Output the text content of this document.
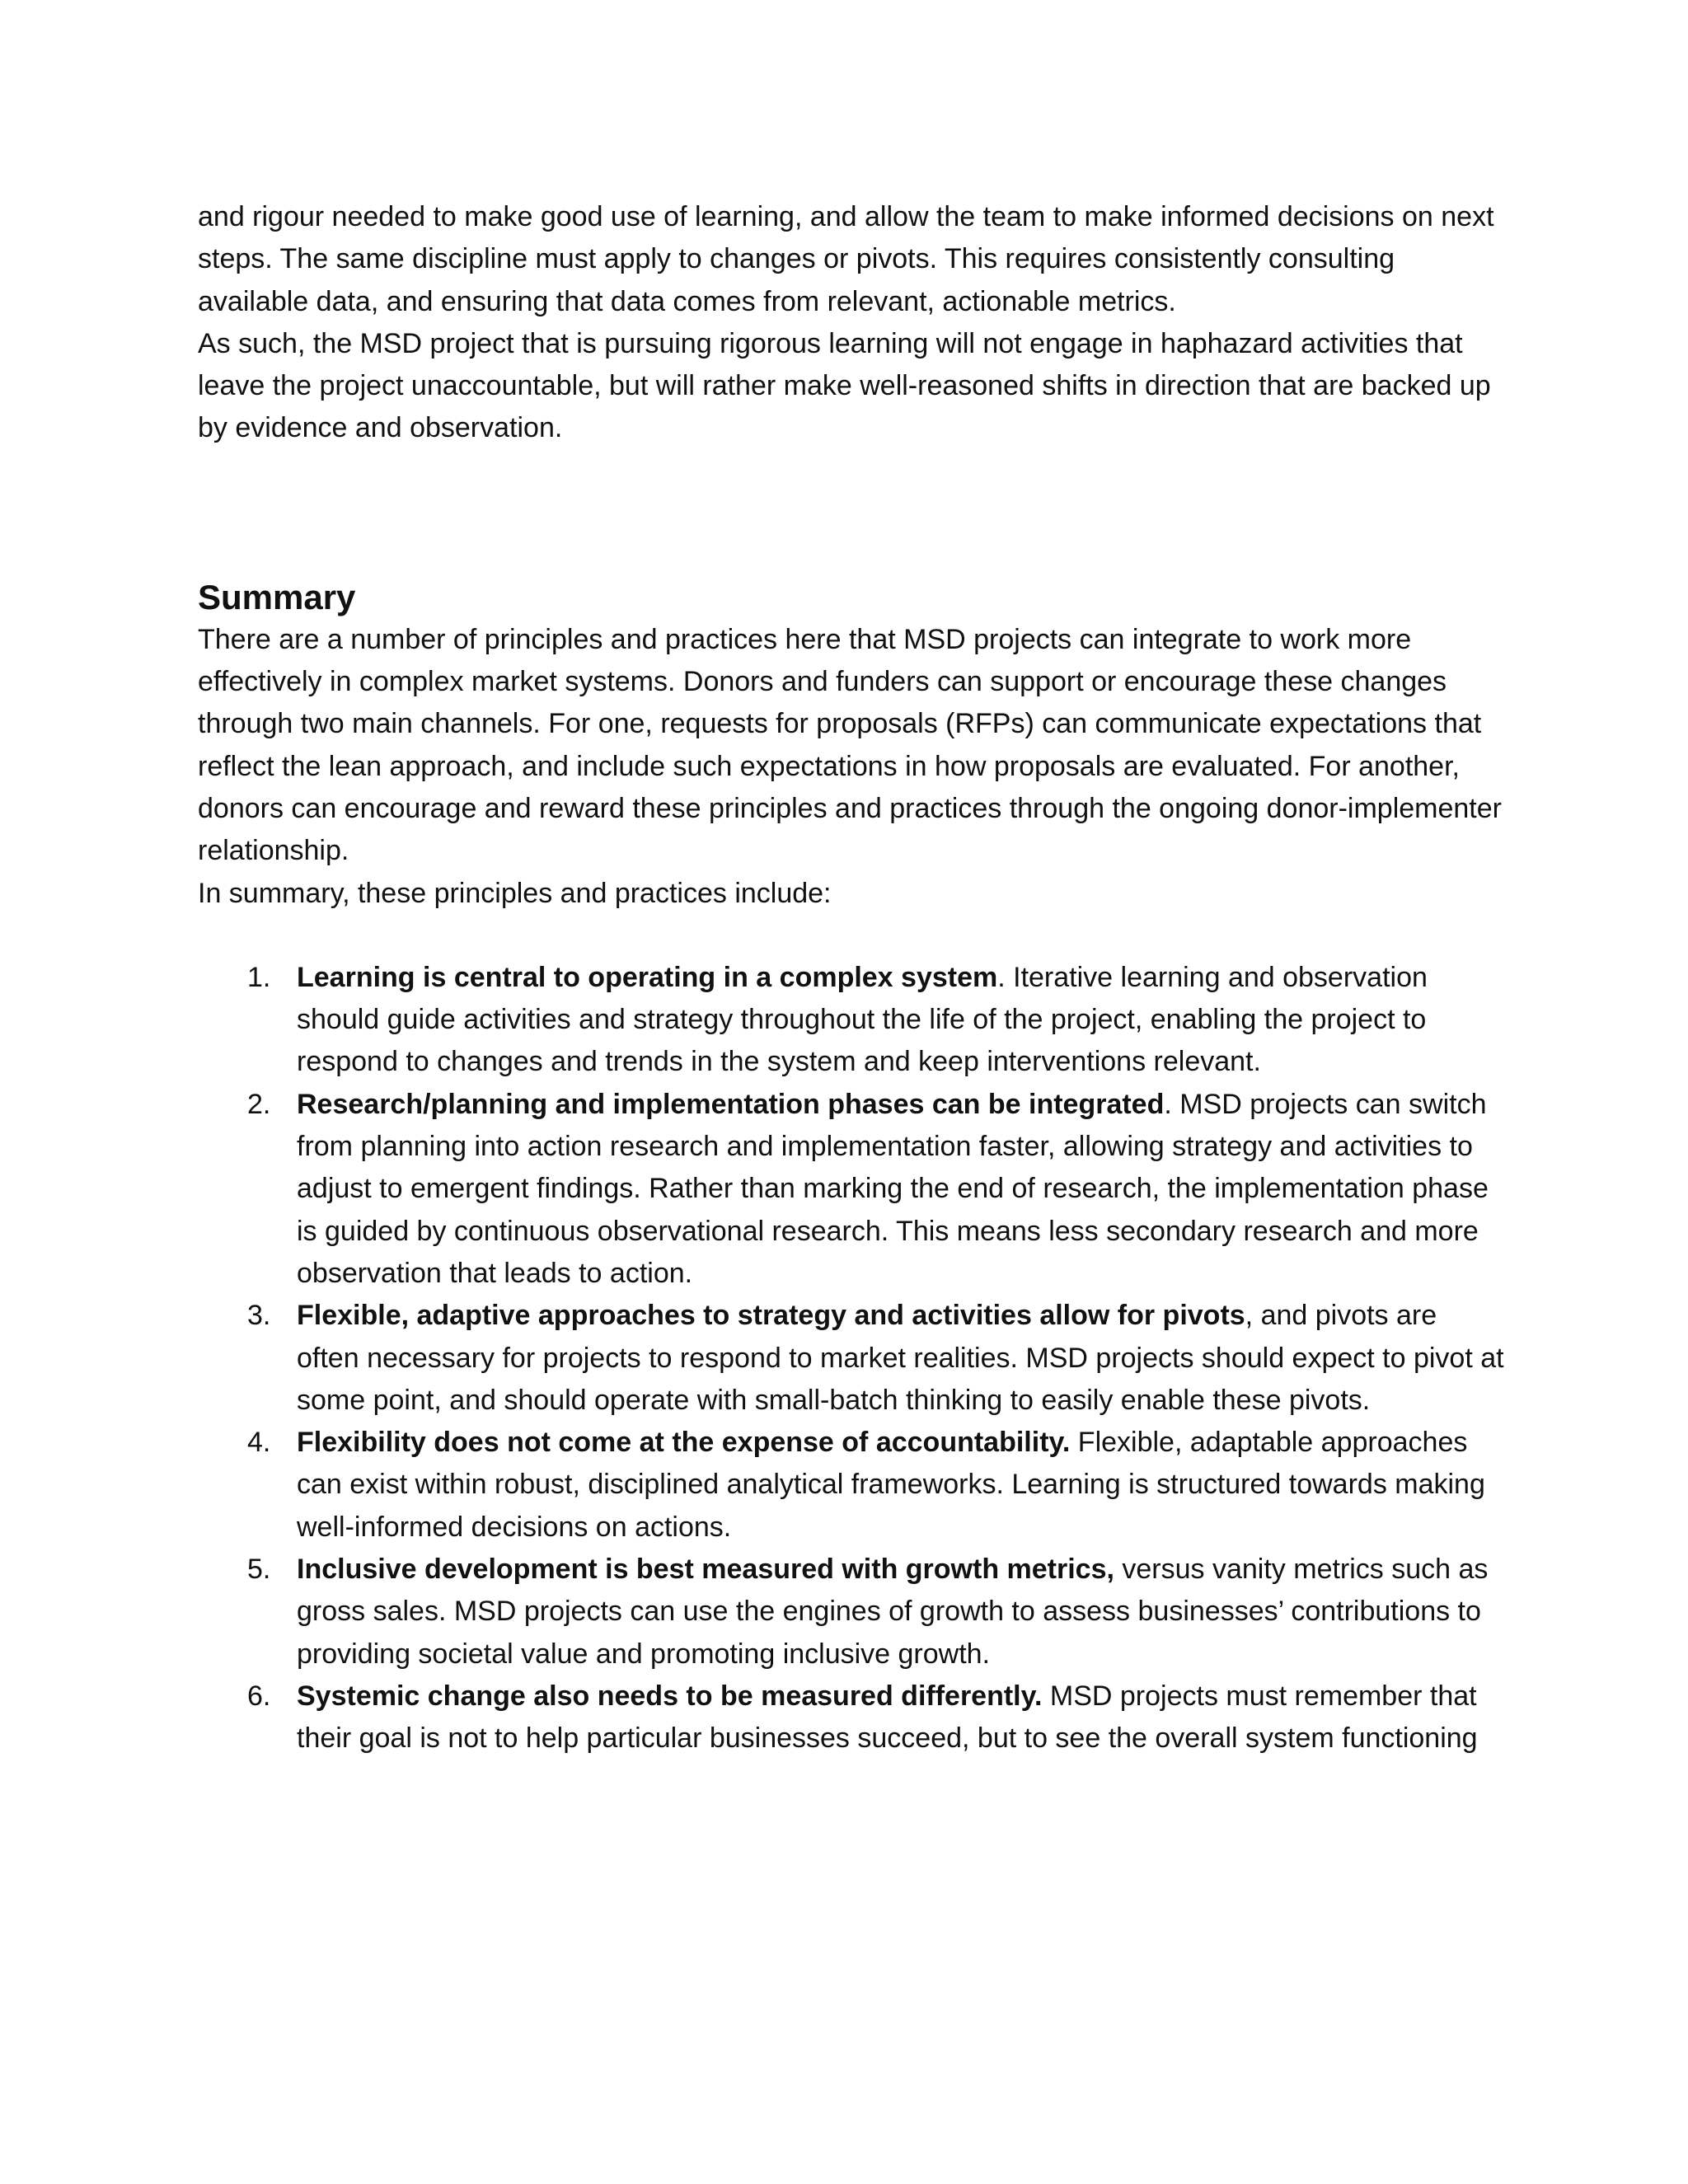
and rigour needed to make good use of learning, and allow the team to make informed decisions on next steps. The same discipline must apply to changes or pivots. This requires consistently consulting available data, and ensuring that data comes from relevant, actionable metrics.

As such, the MSD project that is pursuing rigorous learning will not engage in haphazard activities that leave the project unaccountable, but will rather make well-reasoned shifts in direction that are backed up by evidence and observation.

Summary

There are a number of principles and practices here that MSD projects can integrate to work more effectively in complex market systems. Donors and funders can support or encourage these changes through two main channels. For one, requests for proposals (RFPs) can communicate expectations that reflect the lean approach, and include such expectations in how proposals are evaluated. For another, donors can encourage and reward these principles and practices through the ongoing donor-implementer relationship.

In summary, these principles and practices include:

1. Learning is central to operating in a complex system. Iterative learning and observation should guide activities and strategy throughout the life of the project, enabling the project to respond to changes and trends in the system and keep interventions relevant.
2. Research/planning and implementation phases can be integrated. MSD projects can switch from planning into action research and implementation faster, allowing strategy and activities to adjust to emergent findings. Rather than marking the end of research, the implementation phase is guided by continuous observational research. This means less secondary research and more observation that leads to action.
3. Flexible, adaptive approaches to strategy and activities allow for pivots, and pivots are often necessary for projects to respond to market realities. MSD projects should expect to pivot at some point, and should operate with small-batch thinking to easily enable these pivots.
4. Flexibility does not come at the expense of accountability. Flexible, adaptable approaches can exist within robust, disciplined analytical frameworks. Learning is structured towards making well-informed decisions on actions.
5. Inclusive development is best measured with growth metrics, versus vanity metrics such as gross sales. MSD projects can use the engines of growth to assess businesses’ contributions to providing societal value and promoting inclusive growth.
6. Systemic change also needs to be measured differently. MSD projects must remember that their goal is not to help particular businesses succeed, but to see the overall system functioning
